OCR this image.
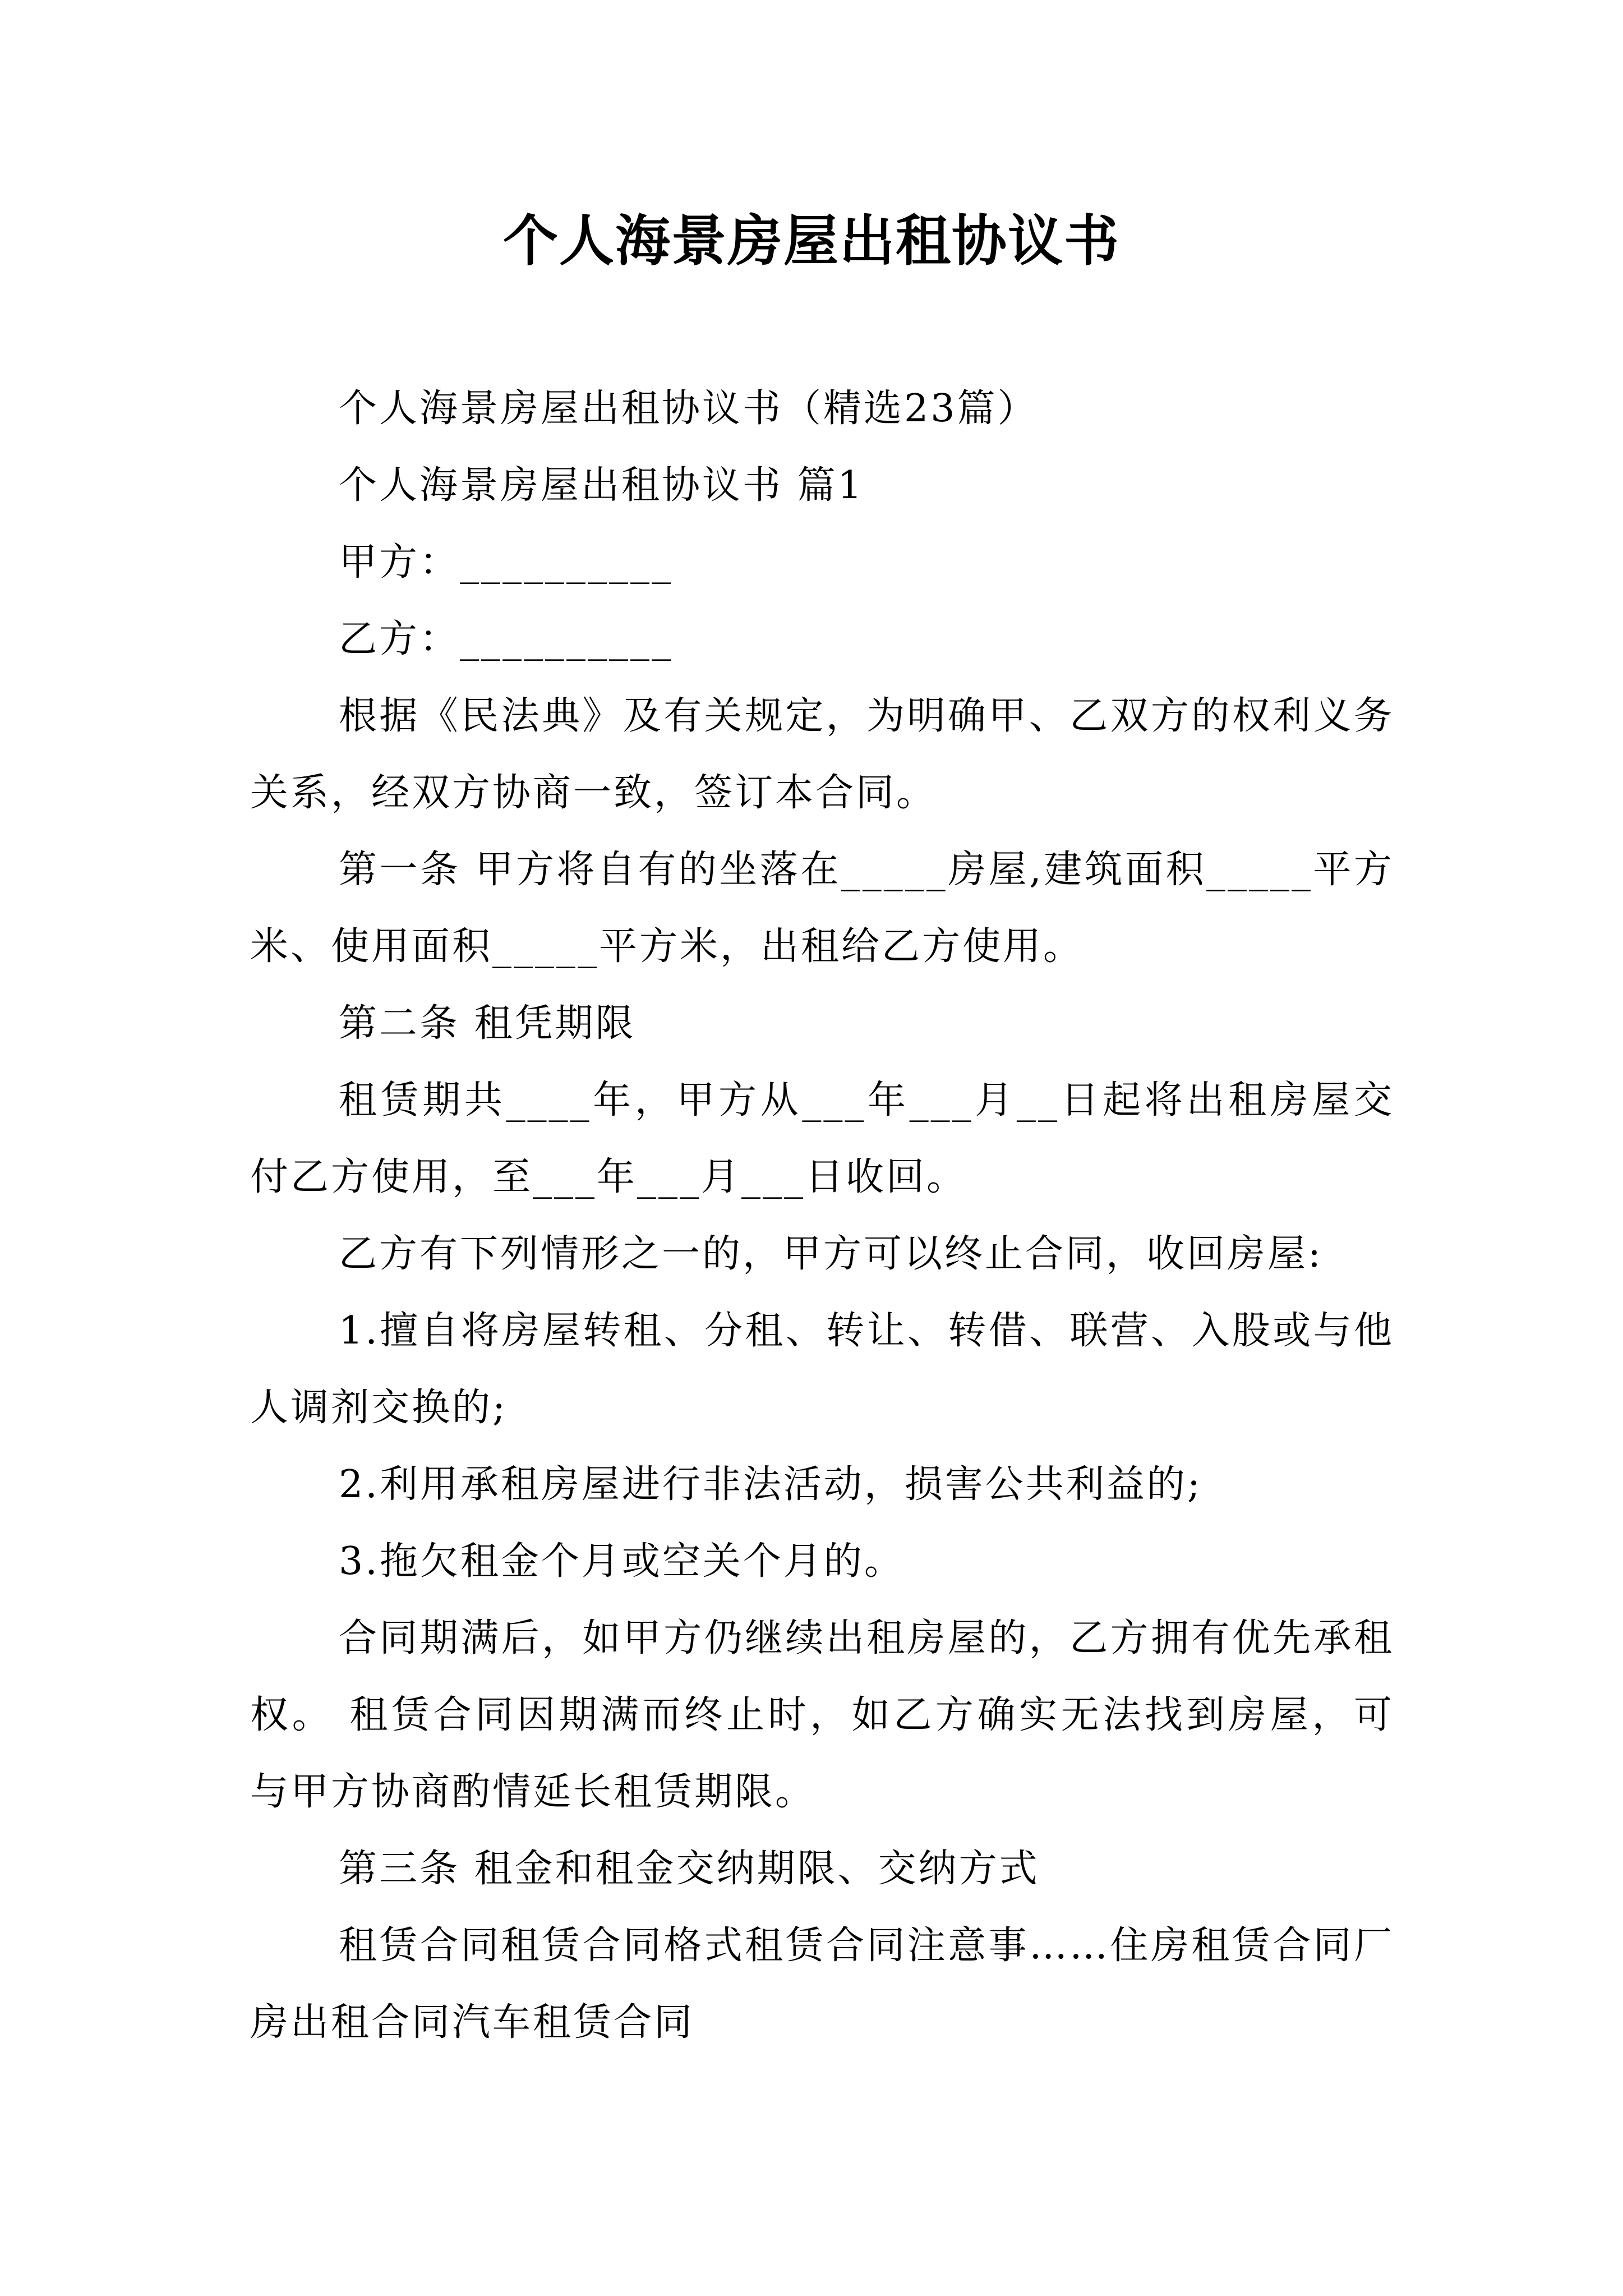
个人海景房屋出租协议书

个人海景房屋出租协议书（精选23篇）

个人海景房屋出租协议书 篇1

甲方：__________

乙方：__________

根据《民法典》及有关规定，为明确甲、乙双方的权利义务关系，经双方协商一致，签订本合同。

第一条 甲方将自有的坐落在_____房屋,建筑面积_____平方米、使用面积_____平方米，出租给乙方使用。

第二条 租凭期限

租赁期共____年，甲方从___年___月__日起将出租房屋交付乙方使用，至___年___月___日收回。

乙方有下列情形之一的，甲方可以终止合同，收回房屋:

1.擅自将房屋转租、分租、转让、转借、联营、入股或与他人调剂交换的;

2.利用承租房屋进行非法活动，损害公共利益的;

3.拖欠租金个月或空关个月的。

合同期满后，如甲方仍继续出租房屋的，乙方拥有优先承租权。 租赁合同因期满而终止时，如乙方确实无法找到房屋，可与甲方协商酌情延长租赁期限。

第三条 租金和租金交纳期限、交纳方式

租赁合同租赁合同格式租赁合同注意事……住房租赁合同厂房出租合同汽车租赁合同
